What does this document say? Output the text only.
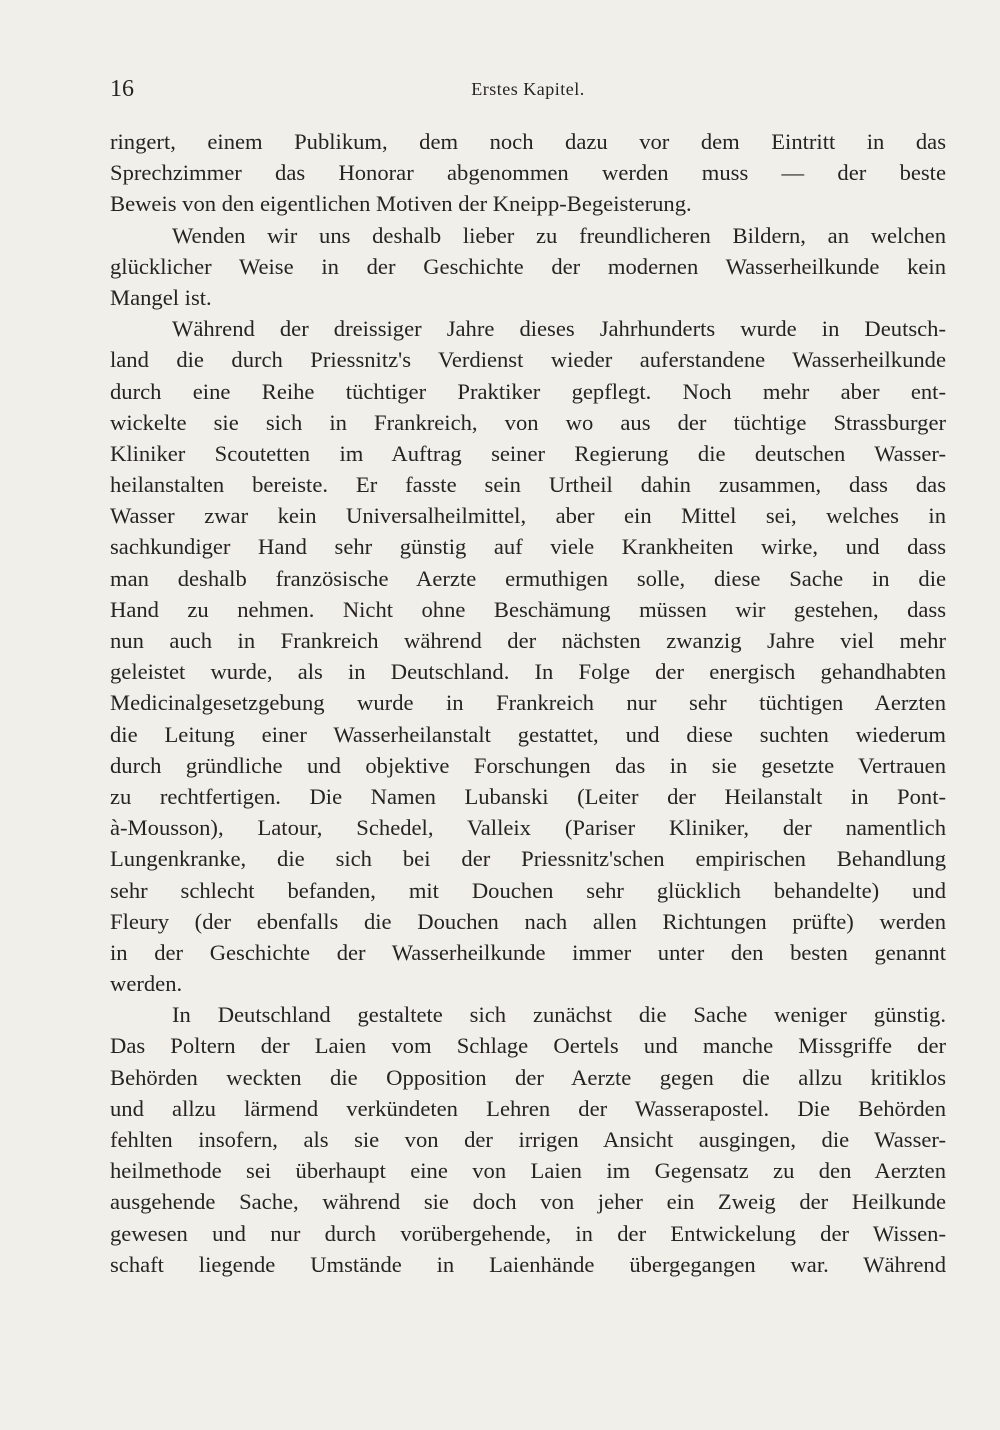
16	Erstes Kapitel.
ringert, einem Publikum, dem noch dazu vor dem Eintritt in das
Sprechzimmer das Honorar abgenommen werden muss — der beste
Beweis von den eigentlichen Motiven der Kneipp-Begeisterung.
Wenden wir uns deshalb lieber zu freundlicheren Bildern, an welchen
glücklicher Weise in der Geschichte der modernen Wasserheilkunde kein
Mangel ist.
Während der dreissiger Jahre dieses Jahrhunderts wurde in Deutsch-
land die durch Priessnitz's Verdienst wieder auferstandene Wasserheilkunde
durch eine Reihe tüchtiger Praktiker gepflegt. Noch mehr aber ent-
wickelte sie sich in Frankreich, von wo aus der tüchtige Strassburger
Kliniker Scoutetten im Auftrag seiner Regierung die deutschen Wasser-
heilanstalten bereiste. Er fasste sein Urtheil dahin zusammen, dass das
Wasser zwar kein Universalheilmittel, aber ein Mittel sei, welches in
sachkundiger Hand sehr günstig auf viele Krankheiten wirke, und dass
man deshalb französische Aerzte ermuthigen solle, diese Sache in die
Hand zu nehmen. Nicht ohne Beschämung müssen wir gestehen, dass
nun auch in Frankreich während der nächsten zwanzig Jahre viel mehr
geleistet wurde, als in Deutschland. In Folge der energisch gehandhabten
Medicinalgesetzgebung wurde in Frankreich nur sehr tüchtigen Aerzten
die Leitung einer Wasserheilanstalt gestattet, und diese suchten wiederum
durch gründliche und objektive Forschungen das in sie gesetzte Vertrauen
zu rechtfertigen. Die Namen Lubanski (Leiter der Heilanstalt in Pont-
à-Mousson), Latour, Schedel, Valleix (Pariser Kliniker, der namentlich
Lungenkranke, die sich bei der Priessnitz'schen empirischen Behandlung
sehr schlecht befanden, mit Douchen sehr glücklich behandelte) und
Fleury (der ebenfalls die Douchen nach allen Richtungen prüfte) werden
in der Geschichte der Wasserheilkunde immer unter den besten genannt
werden.
In Deutschland gestaltete sich zunächst die Sache weniger günstig.
Das Poltern der Laien vom Schlage Oertels und manche Missgriffe der
Behörden weckten die Opposition der Aerzte gegen die allzu kritiklos
und allzu lärmend verkündeten Lehren der Wasserapostel. Die Behörden
fehlten insofern, als sie von der irrigen Ansicht ausgingen, die Wasser-
heilmethode sei überhaupt eine von Laien im Gegensatz zu den Aerzten
ausgehende Sache, während sie doch von jeher ein Zweig der Heilkunde
gewesen und nur durch vorübergehende, in der Entwickelung der Wissen-
schaft liegende Umstände in Laienhände übergegangen war. Während
